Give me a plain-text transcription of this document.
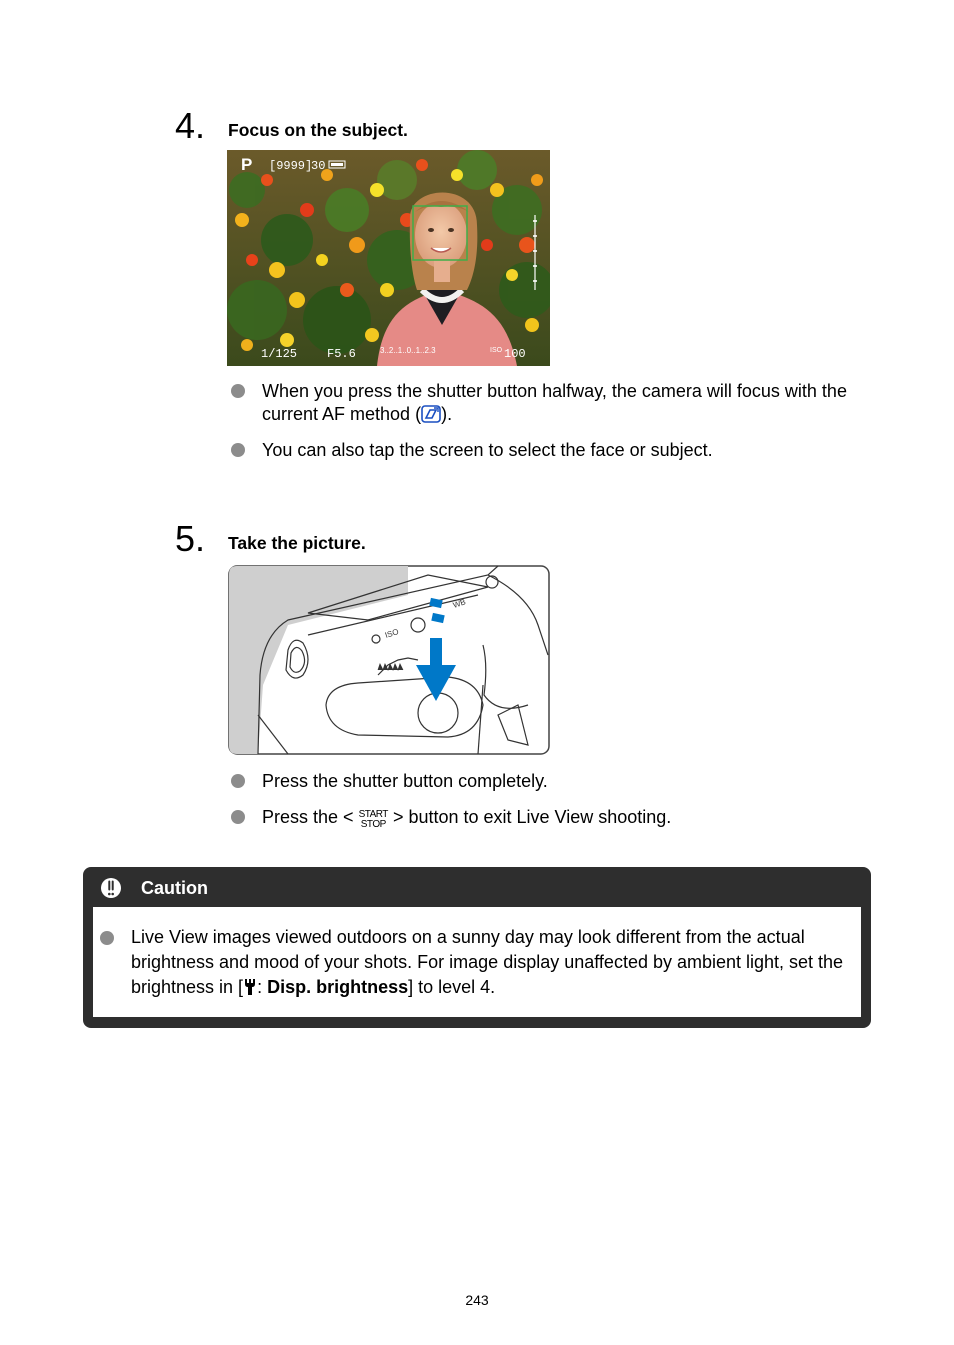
4. Focus on the subject.
P [9999]
30
1/125 F5.6	3..2..1..0..1..2.3	ISO 100
When you press the shutter button halfway, the camera will focus with the current AF method ( ).
You can also tap the screen to select the face or subject.
5. Take the picture.
ISO
WB
Press the shutter button completely.
Press the < START
STOP > button to exit Live View shooting.
Caution
Live View images viewed outdoors on a sunny day may look different from the actual brightness and mood of your shots. For image display unaffected by ambient light, set the brightness in [ : Disp. brightness] to level 4.
243
